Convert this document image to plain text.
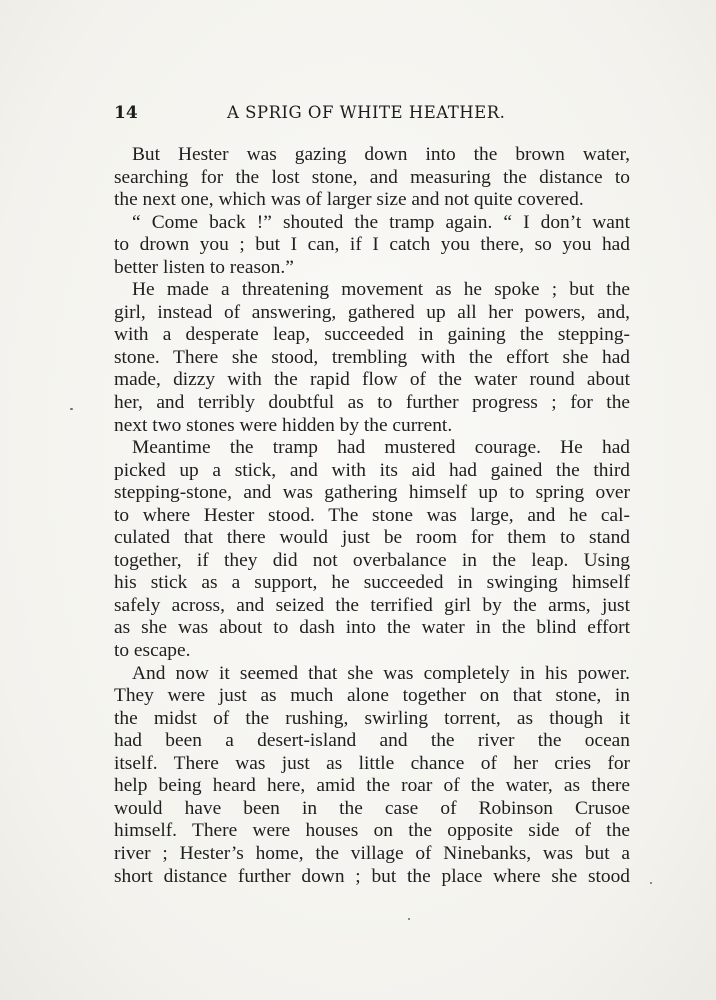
14	A SPRIG OF WHITE HEATHER.
But Hester was gazing down into the brown water,
searching for the lost stone, and measuring the distance to
the next one, which was of larger size and not quite covered.
“ Come back !” shouted the tramp again. “ I don’t want
to drown you ; but I can, if I catch you there, so you had
better listen to reason.”
He made a threatening movement as he spoke ; but the
girl, instead of answering, gathered up all her powers, and,
with a desperate leap, succeeded in gaining the stepping-
stone. There she stood, trembling with the effort she had
made, dizzy with the rapid flow of the water round about
her, and terribly doubtful as to further progress ; for the
next two stones were hidden by the current.
Meantime the tramp had mustered courage. He had
picked up a stick, and with its aid had gained the third
stepping-stone, and was gathering himself up to spring over
to where Hester stood. The stone was large, and he cal-
culated that there would just be room for them to stand
together, if they did not overbalance in the leap. Using
his stick as a support, he succeeded in swinging himself
safely across, and seized the terrified girl by the arms, just
as she was about to dash into the water in the blind effort
to escape.
And now it seemed that she was completely in his power.
They were just as much alone together on that stone, in
the midst of the rushing, swirling torrent, as though it
had been a desert-island and the river the ocean
itself. There was just as little chance of her cries for
help being heard here, amid the roar of the water, as there
would have been in the case of Robinson Crusoe
himself. There were houses on the opposite side of the
river ; Hester’s home, the village of Ninebanks, was but a
short distance further down ; but the place where she stood
